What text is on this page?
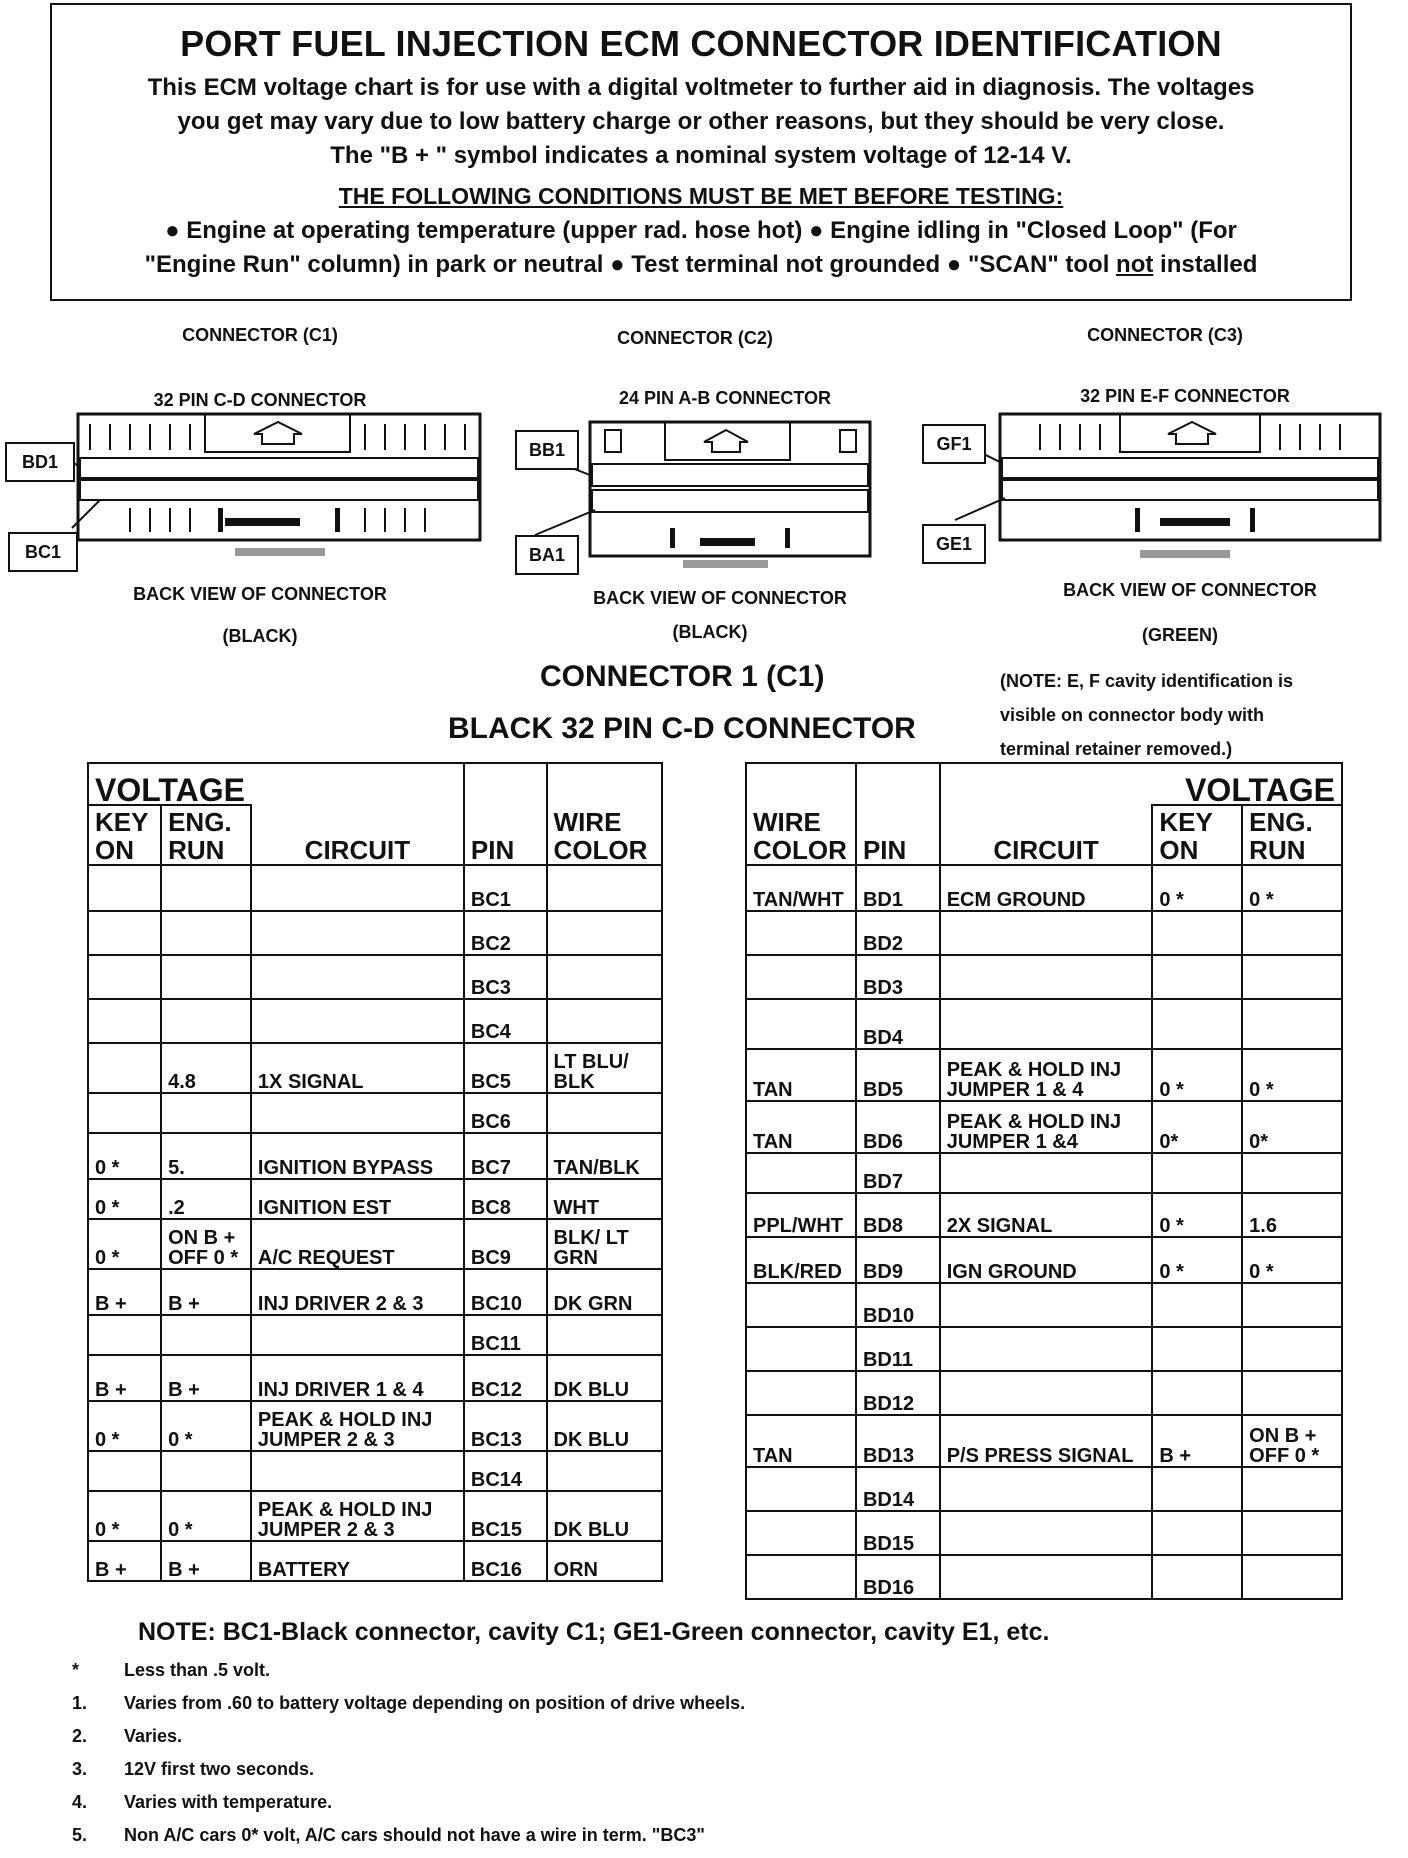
PORT FUEL INJECTION ECM CONNECTOR IDENTIFICATION
This ECM voltage chart is for use with a digital voltmeter to further aid in diagnosis. The voltages
you get may vary due to low battery charge or other reasons, but they should be very close.
The "B + " symbol indicates a nominal system voltage of 12-14 V.
THE FOLLOWING CONDITIONS MUST BE MET BEFORE TESTING:
● Engine at operating temperature (upper rad. hose hot) ● Engine idling in "Closed Loop" (For
"Engine Run" column) in park or neutral ● Test terminal not grounded ● "SCAN" tool not installed
CONNECTOR (C1)	CONNECTOR (C2)	CONNECTOR (C3)
32 PIN C-D CONNECTOR	24 PIN A-B CONNECTOR	32 PIN E-F CONNECTOR
BD1
BC1
BB1
BA1
GF1
GE1
BACK VIEW OF CONNECTOR	BACK VIEW OF CONNECTOR	BACK VIEW OF CONNECTOR
(BLACK)	(BLACK)	(GREEN)
CONNECTOR 1 (C1)
BLACK 32 PIN C-D CONNECTOR
(NOTE: E, F cavity identification is
visible on connector body with
terminal retainer removed.)
VOLTAGE				
KEY ON	ENG. RUN	CIRCUIT	PIN	WIRE COLOR
			BC1	
			BC2	
			BC3	
			BC4	
	4.8	1X SIGNAL	BC5	LT BLU/ BLK
			BC6	
0 *	5.	IGNITION BYPASS	BC7	TAN/BLK
0 *	.2	IGNITION EST	BC8	WHT
0 *	ON B + OFF 0 *	A/C REQUEST	BC9	BLK/ LT GRN
B +	B +	INJ DRIVER 2 & 3	BC10	DK GRN
			BC11	
B +	B +	INJ DRIVER 1 & 4	BC12	DK BLU
0 *	0 *	PEAK & HOLD INJ JUMPER 2 & 3	BC13	DK BLU
			BC14	
0 *	0 *	PEAK & HOLD INJ JUMPER 2 & 3	BC15	DK BLU
B +	B +	BATTERY	BC16	ORN
			VOLTAGE	
WIRE COLOR	PIN	CIRCUIT	KEY ON	ENG. RUN
TAN/WHT	BD1	ECM GROUND	0 *	0 *
	BD2			
	BD3			
	BD4			
TAN	BD5	PEAK & HOLD INJ JUMPER 1 & 4	0 *	0 *
TAN	BD6	PEAK & HOLD INJ JUMPER 1 &4	0*	0*
	BD7			
PPL/WHT	BD8	2X SIGNAL	0 *	1.6
BLK/RED	BD9	IGN GROUND	0 *	0 *
	BD10			
	BD11			
	BD12			
TAN	BD13	P/S PRESS SIGNAL	B +	ON B + OFF 0 *
	BD14			
	BD15			
	BD16			
NOTE: BC1-Black connector, cavity C1; GE1-Green connector, cavity E1, etc.
*	Less than .5 volt.
1.	Varies from .60 to battery voltage depending on position of drive wheels.
2.	Varies.
3.	12V first two seconds.
4.	Varies with temperature.
5.	Non A/C cars 0* volt, A/C cars should not have a wire in term. "BC3"
